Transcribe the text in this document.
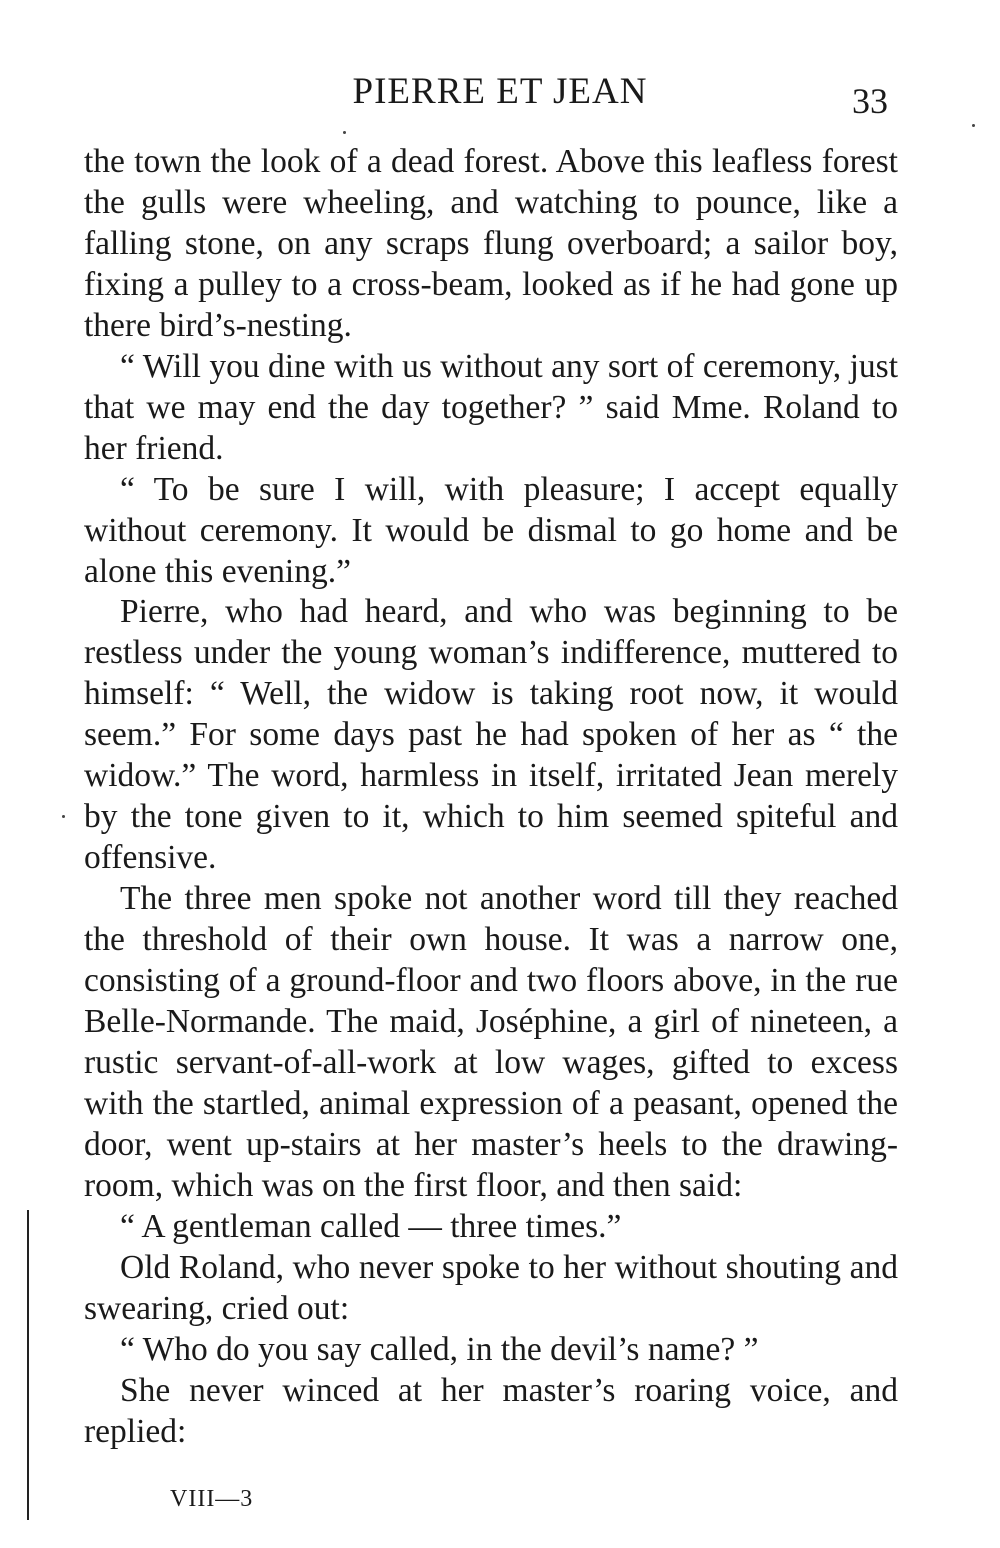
PIERRE ET JEAN	33

the town the look of a dead forest. Above this leafless forest the gulls were wheeling, and watching to pounce, like a falling stone, on any scraps flung overboard; a sailor boy, fixing a pulley to a cross-beam, looked as if he had gone up there bird’s-nesting.

“ Will you dine with us without any sort of ceremony, just that we may end the day together? ” said Mme. Roland to her friend.

“ To be sure I will, with pleasure; I accept equally without ceremony. It would be dismal to go home and be alone this evening.”

Pierre, who had heard, and who was beginning to be restless under the young woman’s indifference, muttered to himself: “ Well, the widow is taking root now, it would seem.” For some days past he had spoken of her as “ the widow.” The word, harmless in itself, irritated Jean merely by the tone given to it, which to him seemed spiteful and offensive.

The three men spoke not another word till they reached the threshold of their own house. It was a narrow one, consisting of a ground-floor and two floors above, in the rue Belle-Normande. The maid, Joséphine, a girl of nineteen, a rustic servant-of-all-work at low wages, gifted to excess with the startled, animal expression of a peasant, opened the door, went up-stairs at her master’s heels to the drawing-room, which was on the first floor, and then said:

“ A gentleman called — three times.”

Old Roland, who never spoke to her without shouting and swearing, cried out:

“ Who do you say called, in the devil’s name? ”

She never winced at her master’s roaring voice, and replied:

VIII—3
